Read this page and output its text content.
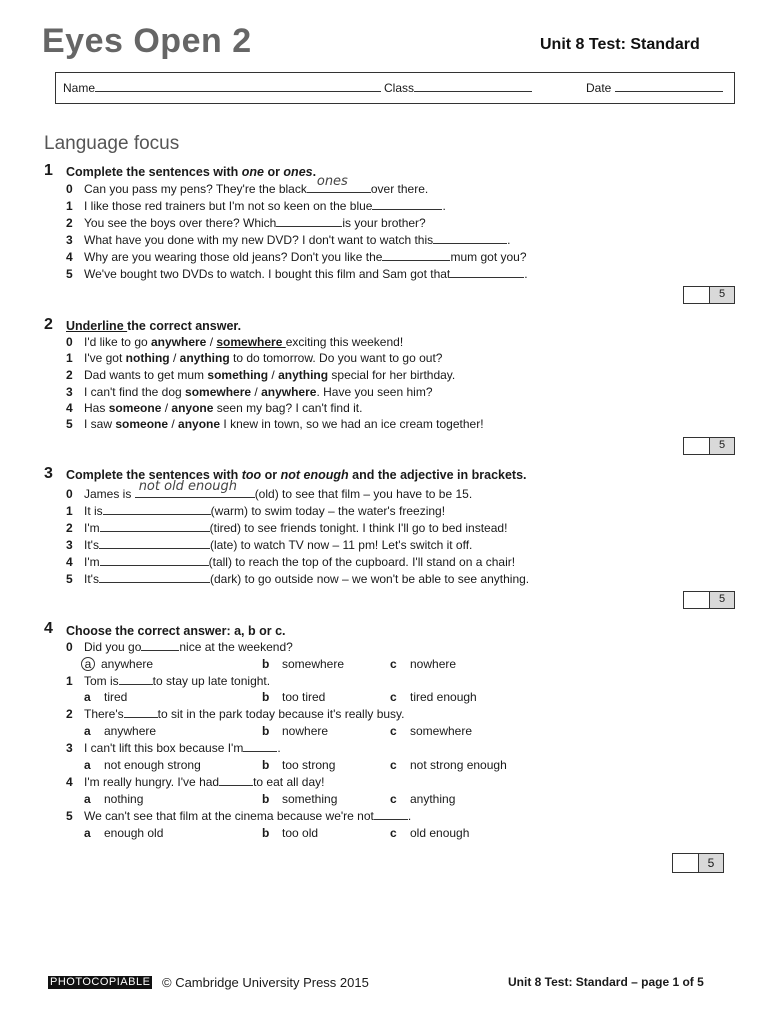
Eyes Open 2	Unit 8 Test: Standard
Name	Class	Date
Language focus
1 Complete the sentences with one or ones.
0 Can you pass my pens? They're the black ones over there.
1 I like those red trainers but I'm not so keen on the blue	.
2 You see the boys over there? Which	is your brother?
3 What have you done with my new DVD? I don't want to watch this	.
4 Why are you wearing those old jeans? Don't you like the	mum got you?
5 We've bought two DVDs to watch. I bought this film and Sam got that	.
5
2 Underline the correct answer.
0 I'd like to go anywhere / somewhere exciting this weekend!
1 I've got nothing / anything to do tomorrow. Do you want to go out?
2 Dad wants to get mum something / anything special for her birthday.
3 I can't find the dog somewhere / anywhere. Have you seen him?
4 Has someone / anyone seen my bag? I can't find it.
5 I saw someone / anyone I knew in town, so we had an ice cream together!
5
3 Complete the sentences with too or not enough and the adjective in brackets.
0 James is not old enough (old) to see that film – you have to be 15.
1 It is	(warm) to swim today – the water's freezing!
2 I'm	(tired) to see friends tonight. I think I'll go to bed instead!
3 It's	(late) to watch TV now – 11 pm! Let's switch it off.
4 I'm	(tall) to reach the top of the cupboard. I'll stand on a chair!
5 It's	(dark) to go outside now – we won't be able to see anything.
5
4 Choose the correct answer: a, b or c.
0 Did you go	nice at the weekend?
a anywhere	b somewhere	c nowhere
1 Tom is	to stay up late tonight.
a tired	b too tired	c tired enough
2 There's	to sit in the park today because it's really busy.
a anywhere	b nowhere	c somewhere
3 I can't lift this box because I'm	.
a not enough strong	b too strong	c not strong enough
4 I'm really hungry. I've had	to eat all day!
a nothing	b something	c anything
5 We can't see that film at the cinema because we're not	.
a enough old	b too old	c old enough
5
PHOTOCOPIABLE © Cambridge University Press 2015	Unit 8 Test: Standard – page 1 of 5
